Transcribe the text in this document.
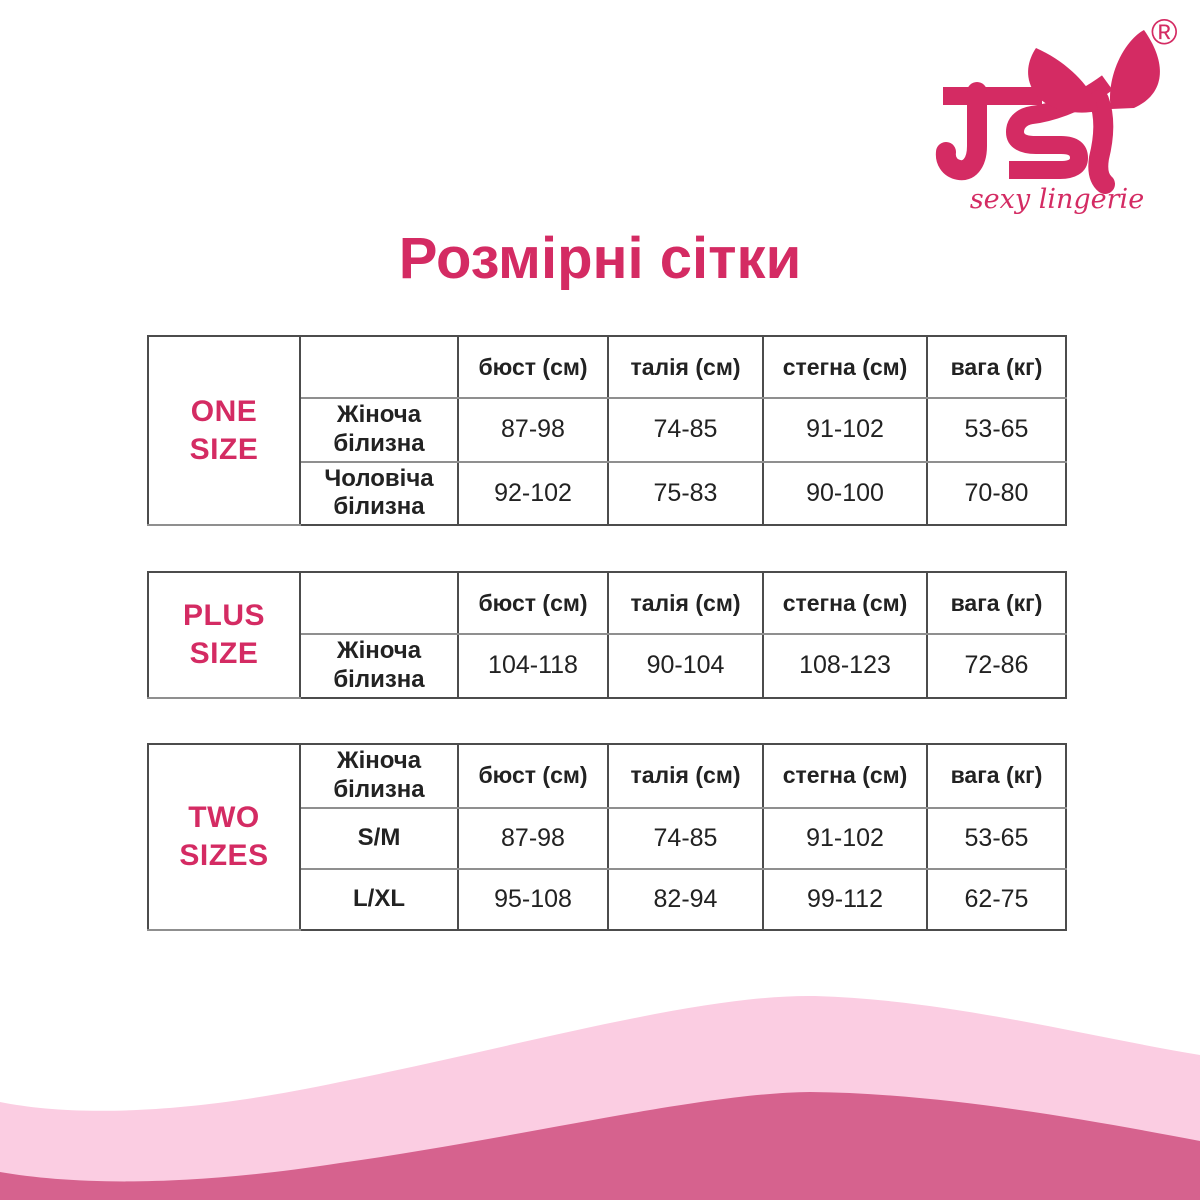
®
sexy lingerie
Розмірні сітки
ONE
SIZE		бюст (см)	талія (см)	стегна (см)	вага (кг)
	Жіноча білизна	87-98	74-85	91-102	53-65
	Чоловіча білизна	92-102	75-83	90-100	70-80
PLUS
SIZE		бюст (см)	талія (см)	стегна (см)	вага (кг)
	Жіноча білизна	104-118	90-104	108-123	72-86
TWO
SIZES	Жіноча білизна	бюст (см)	талія (см)	стегна (см)	вага (кг)
	S/M	87-98	74-85	91-102	53-65
	L/XL	95-108	82-94	99-112	62-75
